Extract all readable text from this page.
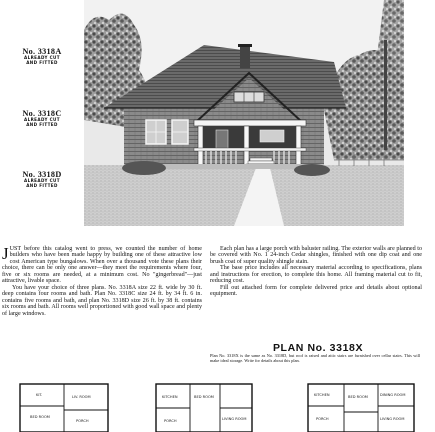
No. 3318A
ALREADY CUT
AND FITTED
No. 3318C
ALREADY CUT
AND FITTED
No. 3318D
ALREADY CUT
AND FITTED

JUST before this catalog went to press, we counted the number of home builders who have been made happy by building one of these attractive low cost American type bungalows. When over a thousand vote these plans their choice, there can be only one answer—they meet the requirements where four, five or six rooms are needed, at a minimum cost. No "gingerbread"—just attractive, livable space.

You have your choice of three plans. No. 3318A size 22 ft. wide by 30 ft. deep contains four rooms and bath. Plan No. 3318C size 24 ft. by 34 ft. 6 in. contains five rooms and bath, and plan No. 3318D size 26 ft. by 38 ft. contains six rooms and bath. All rooms well proportioned with good wall space and plenty of large windows.

Each plan has a large porch with baluster railing. The exterior walls are planned to be covered with No. 1 24-inch Cedar shingles, finished with one dip coat and one brush coat of super quality shingle stain.

The base price includes all necessary material according to specifications, plans and instructions for erection, to complete this home. All framing material cut to fit, reducing cost.

Fill out attached form for complete delivered price and details about optional equipment.

PLAN No. 3318X
Plan No. 3318X is the same as No. 3318D, but roof is raised and attic stairs are furnished over cellar stairs. This will make ideal storage. Write for details about this plan.
KIT.
BED ROOM
LIV. ROOM
PORCH
KITCHEN	BED ROOM
LIVING ROOM
PORCH
KITCHEN	BED ROOM	DINING ROOM
LIVING ROOM
PORCH
